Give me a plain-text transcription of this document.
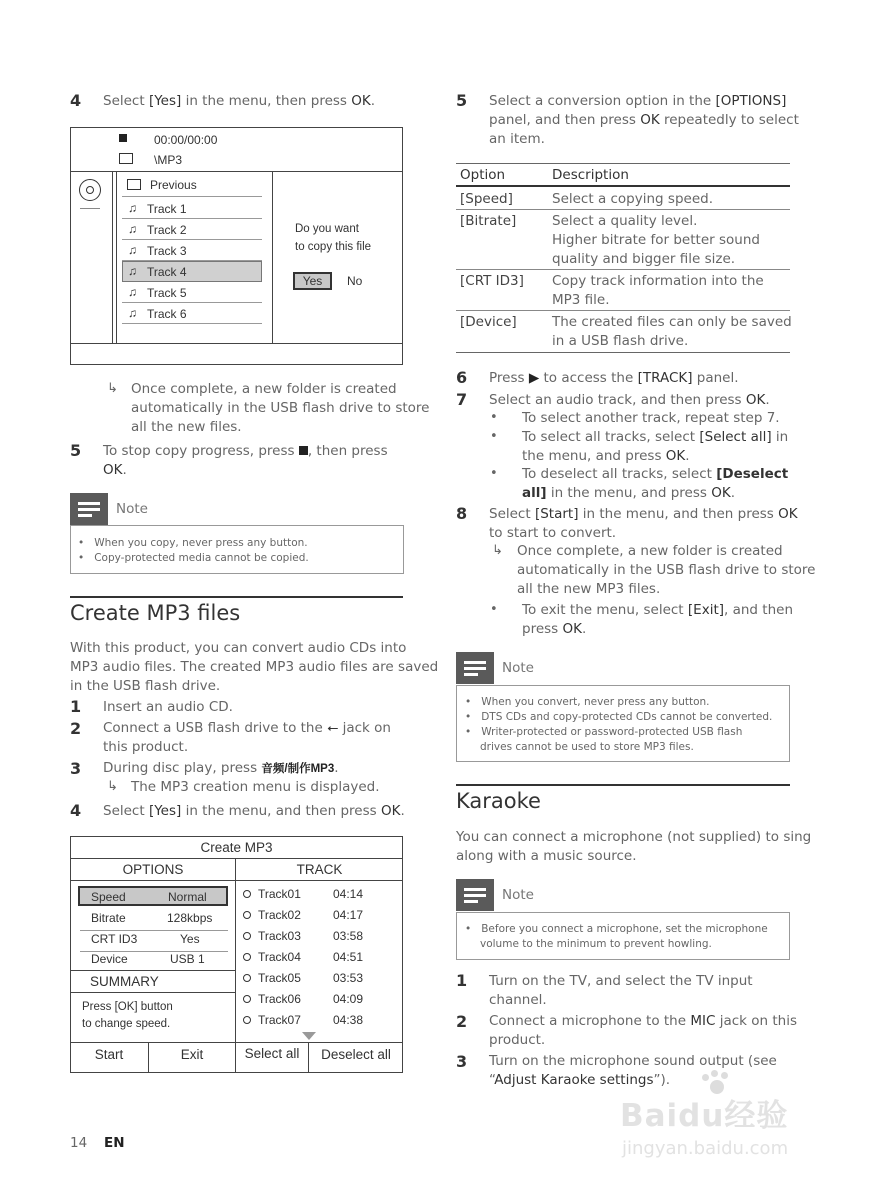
4 Select [Yes] in the menu, then press OK.
00:00/00:00
\MP3
Previous
♫ Track 1
♫ Track 2
♫ Track 3
♫ Track 4
♫ Track 5
♫ Track 6
Do you want
to copy this file
Yes	No
↳ Once complete, a new folder is created
automatically in the USB flash drive to store
all the new files.
5 To stop copy progress, press , then press
OK.
Note
•   When you copy, never press any button.
•   Copy-protected media cannot be copied.
Create MP3 files
With this product, you can convert audio CDs into
MP3 audio files. The created MP3 audio files are saved
in the USB flash drive.
1 Insert an audio CD.
2 Connect a USB flash drive to the ⭠ jack on
this product.
3 During disc play, press 音频/制作MP3.
↳ The MP3 creation menu is displayed.
4 Select [Yes] in the menu, and then press OK.
Create MP3
OPTIONS	TRACK
Speed	Normal
Bitrate	128kbps
CRT ID3	Yes
Device	USB 1
SUMMARY
Press [OK] button
to change speed.
Track01	04:14
Track02	04:17
Track03	03:58
Track04	04:51
Track05	03:53
Track06	04:09
Track07	04:38
Start	Exit	Select all	Deselect all
14 EN
5 Select a conversion option in the [OPTIONS]
panel, and then press OK repeatedly to select
an item.
Option	Description
[Speed]	Select a copying speed.
[Bitrate]	Select a quality level.
Higher bitrate for better sound
quality and bigger file size.
[CRT ID3] Copy track information into the
MP3 file.
[Device]	The created files can only be saved
in a USB flash drive.
6 Press ▶ to access the [TRACK] panel.
7 Select an audio track, and then press OK.
• To select another track, repeat step 7.
• To select all tracks, select [Select all] in
the menu, and press OK.
• To deselect all tracks, select [Deselect
all] in the menu, and press OK.
8 Select [Start] in the menu, and then press OK
to start to convert.
↳ Once complete, a new folder is created
automatically in the USB flash drive to store
all the new MP3 files.
• To exit the menu, select [Exit], and then
press OK.
Note
•   When you convert, never press any button.
•   DTS CDs and copy-protected CDs cannot be converted.
•   Writer-protected or password-protected USB flash
drives cannot be used to store MP3 files.
Karaoke
You can connect a microphone (not supplied) to sing
along with a music source.
Note
•   Before you connect a microphone, set the microphone
volume to the minimum to prevent howling.
1 Turn on the TV, and select the TV input
channel.
2 Connect a microphone to the MIC jack on this
product.
3 Turn on the microphone sound output (see
“Adjust Karaoke settings”).
Baidu经验
jingyan.baidu.com
